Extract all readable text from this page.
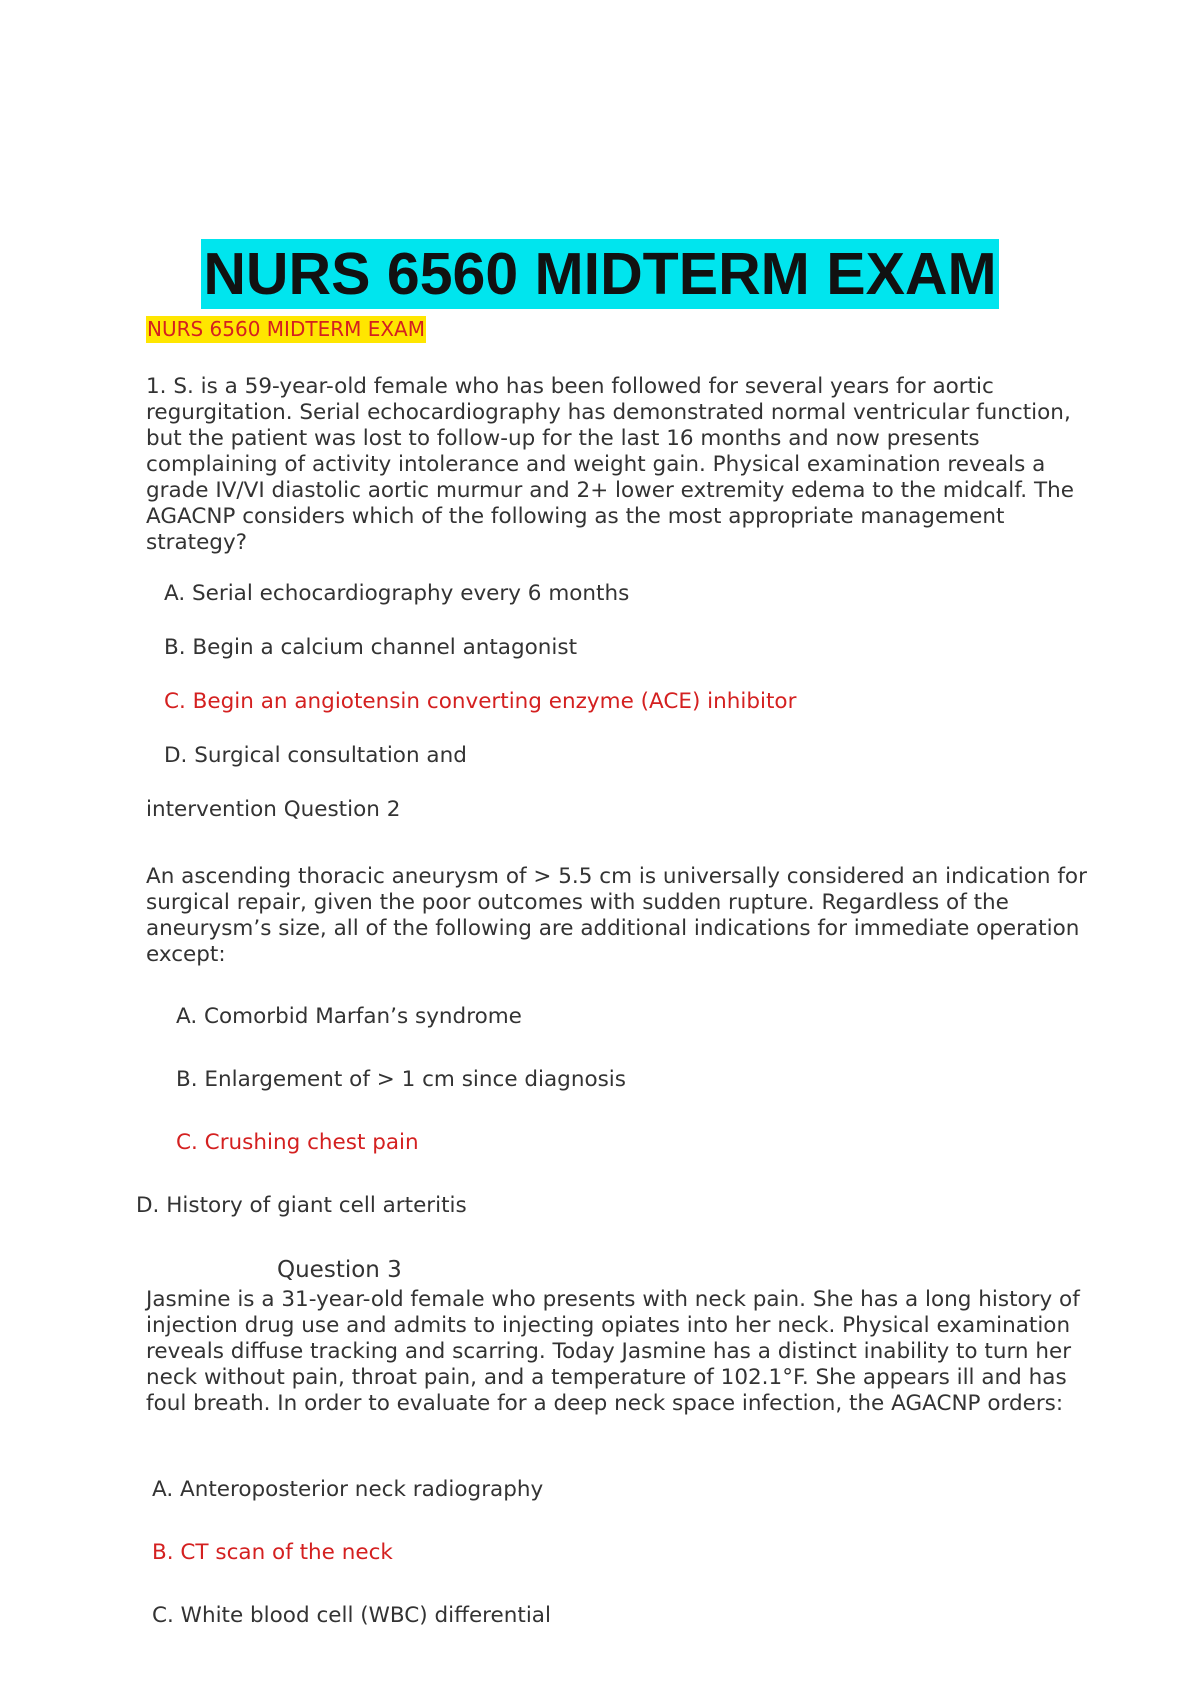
NURS 6560 MIDTERM EXAM
NURS 6560 MIDTERM EXAM

1. S. is a 59-year-old female who has been followed for several years for aortic regurgitation. Serial echocardiography has demonstrated normal ventricular function, but the patient was lost to follow-up for the last 16 months and now presents complaining of activity intolerance and weight gain. Physical examination reveals a grade IV/VI diastolic aortic murmur and 2+ lower extremity edema to the midcalf. The AGACNP considers which of the following as the most appropriate management strategy?

A. Serial echocardiography every 6 months
B. Begin a calcium channel antagonist
C. Begin an angiotensin converting enzyme (ACE) inhibitor
D. Surgical consultation and
intervention Question 2

An ascending thoracic aneurysm of > 5.5 cm is universally considered an indication for surgical repair, given the poor outcomes with sudden rupture. Regardless of the aneurysm’s size, all of the following are additional indications for immediate operation except:

A. Comorbid Marfan’s syndrome
B. Enlargement of > 1 cm since diagnosis
C. Crushing chest pain
D. History of giant cell arteritis
Question 3

Jasmine is a 31-year-old female who presents with neck pain. She has a long history of injection drug use and admits to injecting opiates into her neck. Physical examination reveals diffuse tracking and scarring. Today Jasmine has a distinct inability to turn her neck without pain, throat pain, and a temperature of 102.1°F. She appears ill and has foul breath. In order to evaluate for a deep neck space infection, the AGACNP orders:

A. Anteroposterior neck radiography
B. CT scan of the neck
C. White blood cell (WBC) differential
